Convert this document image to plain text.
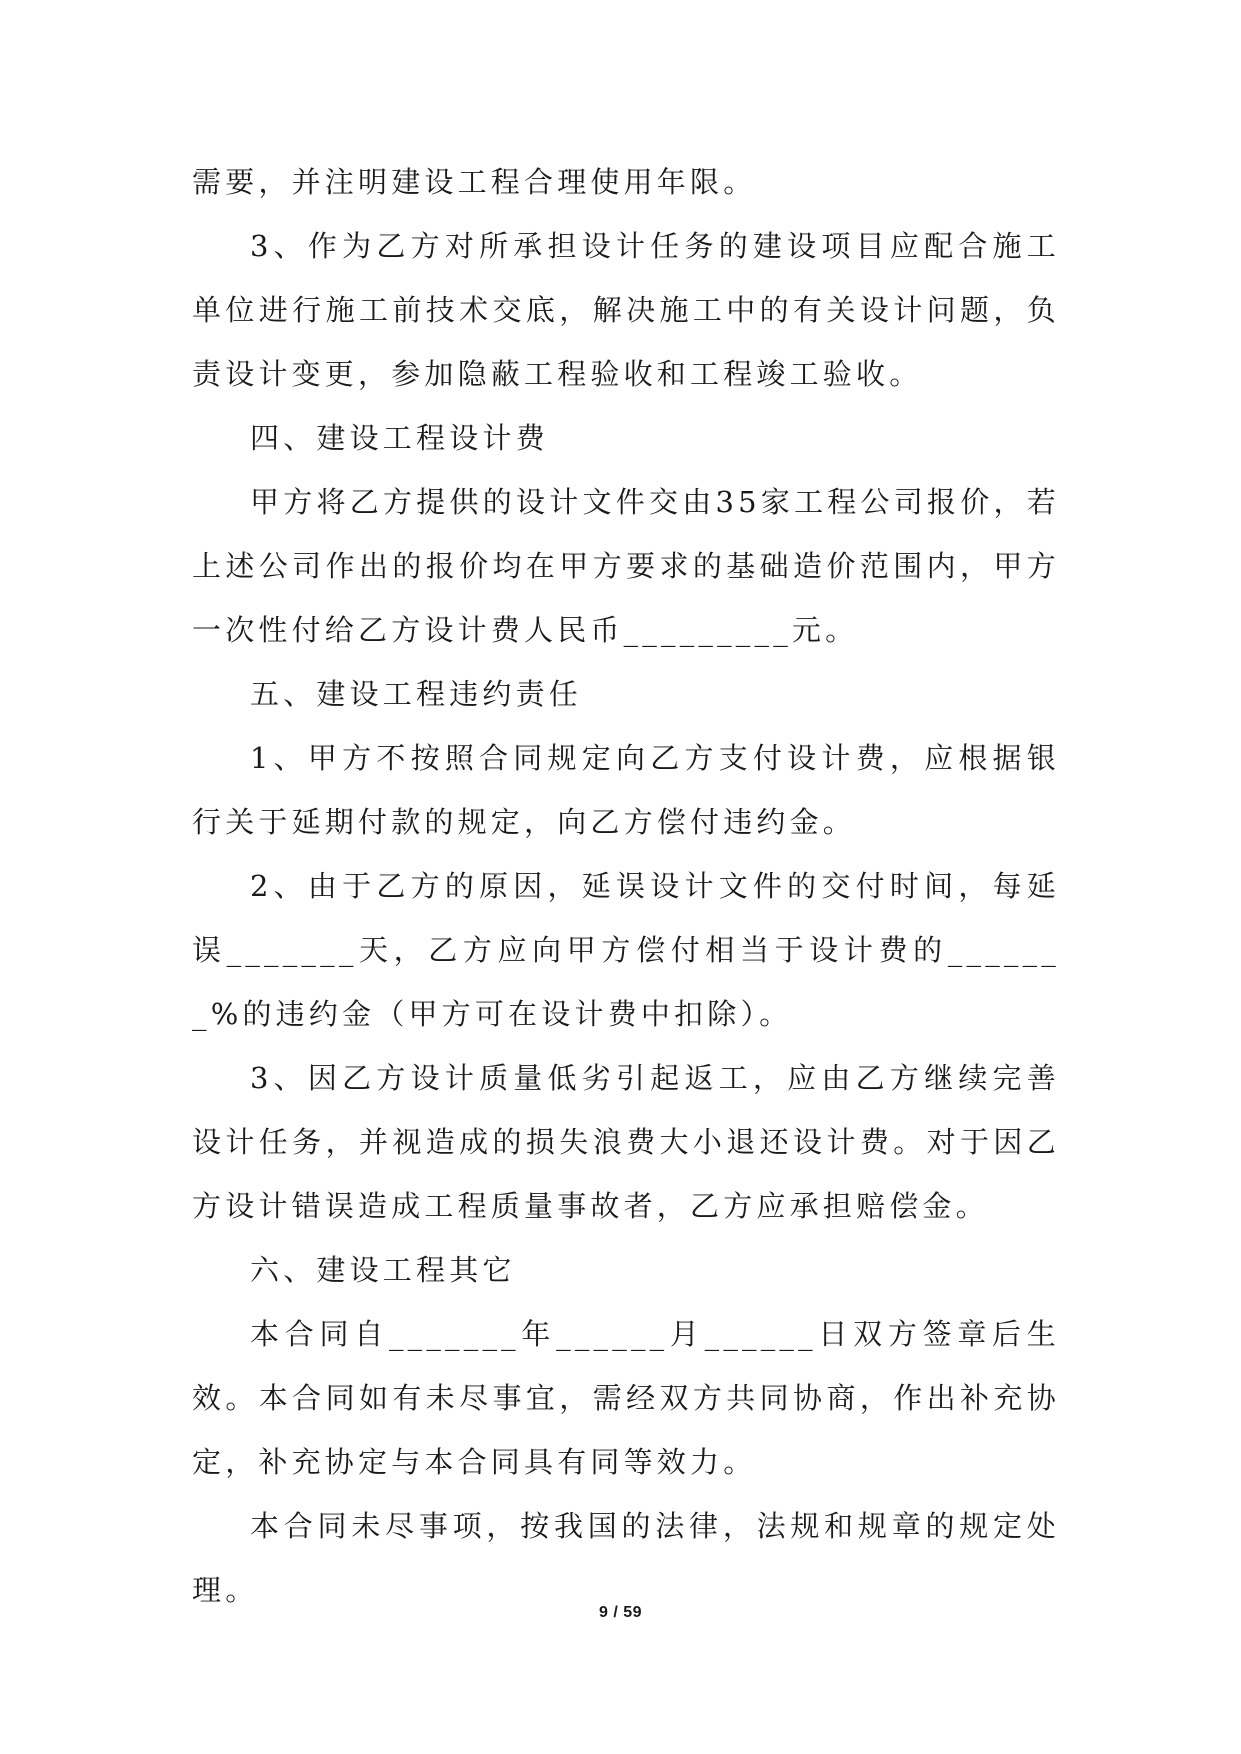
需要，并注明建设工程合理使用年限。

3、作为乙方对所承担设计任务的建设项目应配合施工单位进行施工前技术交底，解决施工中的有关设计问题，负责设计变更，参加隐蔽工程验收和工程竣工验收。

四、建设工程设计费

甲方将乙方提供的设计文件交由35家工程公司报价，若上述公司作出的报价均在甲方要求的基础造价范围内，甲方一次性付给乙方设计费人民币_________元。

五、建设工程违约责任

1、甲方不按照合同规定向乙方支付设计费，应根据银行关于延期付款的规定，向乙方偿付违约金。

2、由于乙方的原因，延误设计文件的交付时间，每延误_______天，乙方应向甲方偿付相当于设计费的_______%的违约金（甲方可在设计费中扣除）。

3、因乙方设计质量低劣引起返工，应由乙方继续完善设计任务，并视造成的损失浪费大小退还设计费。对于因乙方设计错误造成工程质量事故者，乙方应承担赔偿金。

六、建设工程其它

本合同自_______年______月______日双方签章后生效。本合同如有未尽事宜，需经双方共同协商，作出补充协定，补充协定与本合同具有同等效力。

本合同未尽事项，按我国的法律，法规和规章的规定处理。

9 / 59
